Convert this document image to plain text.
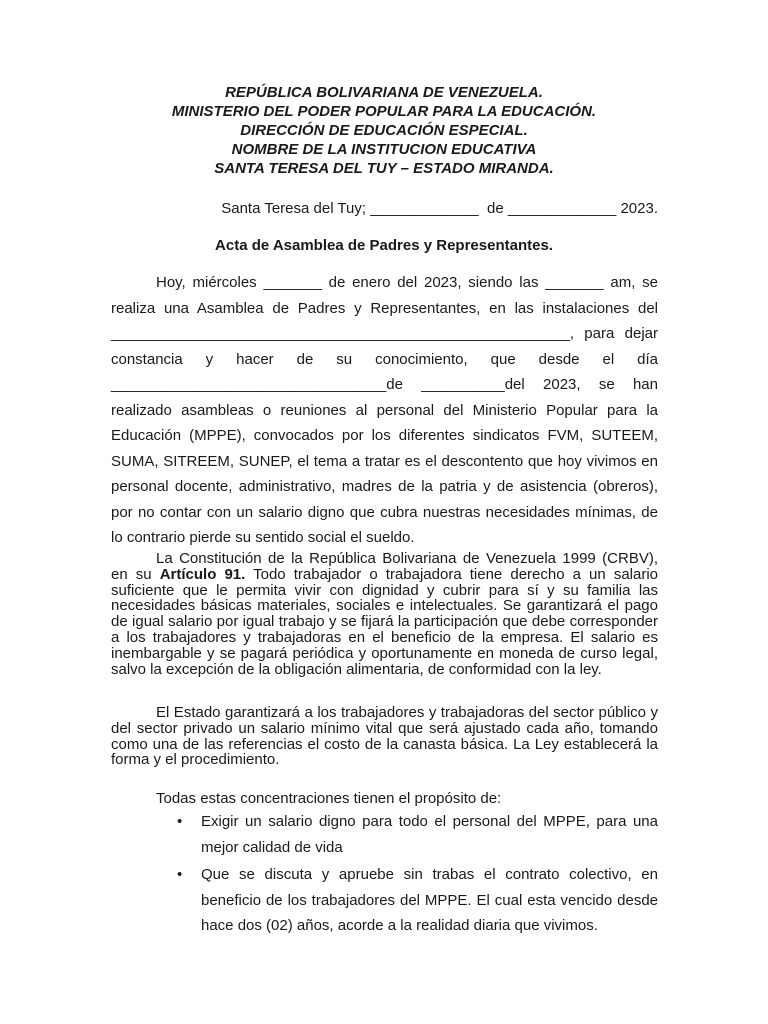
REPÚBLICA BOLIVARIANA DE VENEZUELA.
MINISTERIO DEL PODER POPULAR PARA LA EDUCACIÓN.
DIRECCIÓN DE EDUCACIÓN ESPECIAL.
NOMBRE DE LA INSTITUCION EDUCATIVA
SANTA TERESA DEL TUY – ESTADO MIRANDA.
Santa Teresa del Tuy; _____________  de _____________ 2023.
Acta de Asamblea de Padres y Representantes.
Hoy, miércoles _______ de enero del 2023, siendo las _______ am, se realiza una Asamblea de Padres y Representantes, en las instalaciones del _______________________________________________________, para dejar constancia y hacer de su conocimiento, que desde el día _________________________________de __________del 2023, se han realizado asambleas o reuniones al personal del Ministerio Popular para la Educación (MPPE), convocados por los diferentes sindicatos FVM, SUTEEM, SUMA, SITREEM, SUNEP, el tema a tratar es el descontento que hoy vivimos en personal docente, administrativo, madres de la patria y de asistencia (obreros), por no contar con un salario digno que cubra nuestras necesidades mínimas, de lo contrario pierde su sentido social el sueldo.
La Constitución de la República Bolivariana de Venezuela 1999 (CRBV), en su Artículo 91. Todo trabajador o trabajadora tiene derecho a un salario suficiente que le permita vivir con dignidad y cubrir para sí y su familia las necesidades básicas materiales, sociales e intelectuales. Se garantizará el pago de igual salario por igual trabajo y se fijará la participación que debe corresponder a los trabajadores y trabajadoras en el beneficio de la empresa. El salario es inembargable y se pagará periódica y oportunamente en moneda de curso legal, salvo la excepción de la obligación alimentaria, de conformidad con la ley.
El Estado garantizará a los trabajadores y trabajadoras del sector público y del sector privado un salario mínimo vital que será ajustado cada año, tomando como una de las referencias el costo de la canasta básica. La Ley establecerá la forma y el procedimiento.
Todas estas concentraciones tienen el propósito de:
• Exigir un salario digno para todo el personal del MPPE, para una mejor calidad de vida
• Que se discuta y apruebe sin trabas el contrato colectivo, en beneficio de los trabajadores del MPPE. El cual esta vencido desde hace dos (02) años, acorde a la realidad diaria que vivimos.
